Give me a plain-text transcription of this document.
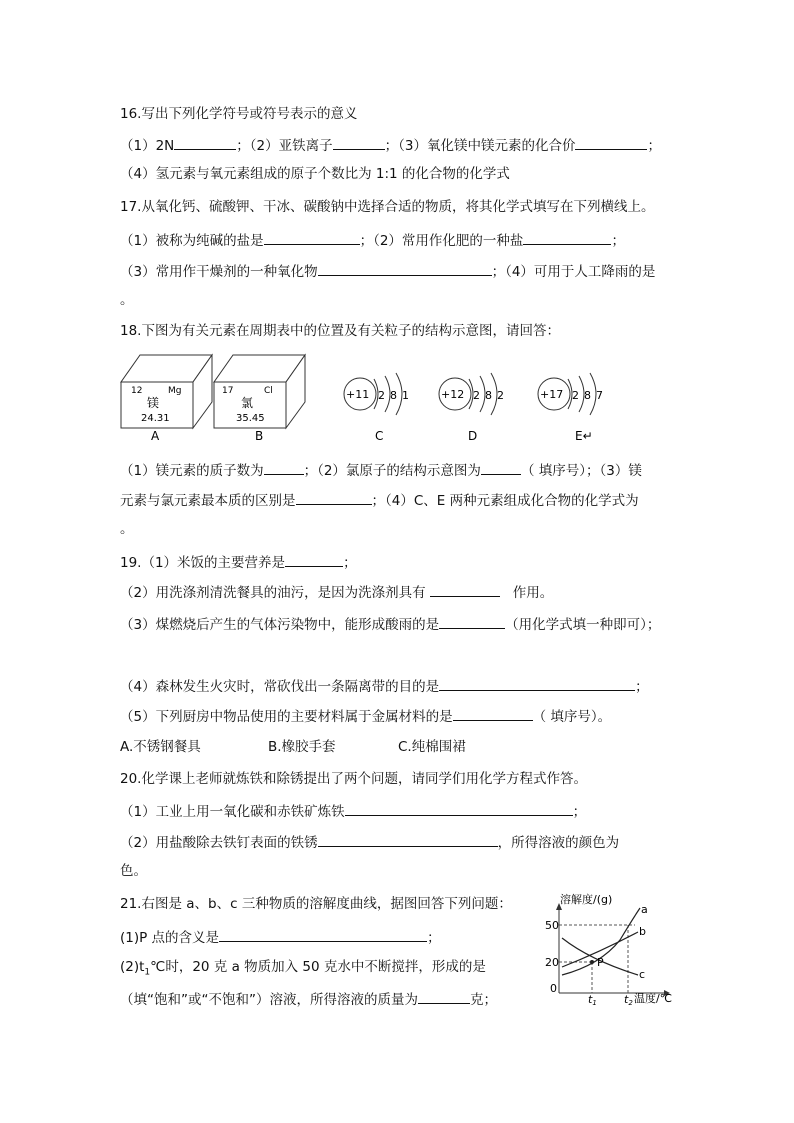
16.写出下列化学符号或符号表示的意义
（1）2N	；（2）亚铁离子	；（3）氧化镁中镁元素的化合价	；
（4）氢元素与氧元素组成的原子个数比为 1:1 的化合物的化学式
17.从氧化钙、硫酸钾、干冰、碳酸钠中选择合适的物质，将其化学式填写在下列横线上。
（1）被称为纯碱的盐是	；（2）常用作化肥的一种盐	；
（3）常用作干燥剂的一种氧化物	；（4）可用于人工降雨的是
。
18.下图为有关元素在周期表中的位置及有关粒子的结构示意图，请回答：
12	Mg
镁
24.31
17	Cl
氯
35.45
+11 2 8 1	+12 2 8 2	+17 2 8 7
A	B	C	D	E↵
溶解度/(g)
50
20
0
t1 t2 温度/℃
P
a
b
c
（1）镁元素的质子数为	；（2）氯原子的结构示意图为	（ 填序号）；（3）镁
元素与氯元素最本质的区别是	；（4）C、E 两种元素组成化合物的化学式为
。
19.（1）米饭的主要营养是	；
（2）用洗涤剂清洗餐具的油污，是因为洗涤剂具有	作用。
（3）煤燃烧后产生的气体污染物中，能形成酸雨的是	（用化学式填一种即可）；
（4）森林发生火灾时，常砍伐出一条隔离带的目的是	；
（5）下列厨房中物品使用的主要材料属于金属材料的是	（ 填序号）。
A.不锈钢餐具	B.橡胶手套	C.纯棉围裙
20.化学课上老师就炼铁和除锈提出了两个问题，请同学们用化学方程式作答。
（1）工业上用一氧化碳和赤铁矿炼铁	；
（2）用盐酸除去铁钉表面的铁锈	，所得溶液的颜色为
色。
21.右图是 a、b、c 三种物质的溶解度曲线，据图回答下列问题：
(1)P 点的含义是	；
$(2)t_1℃$时，20 克 a 物质加入 50 克水中不断搅拌，形成的是
（填“饱和”或“不饱和”）溶液，所得溶液的质量为	克；
